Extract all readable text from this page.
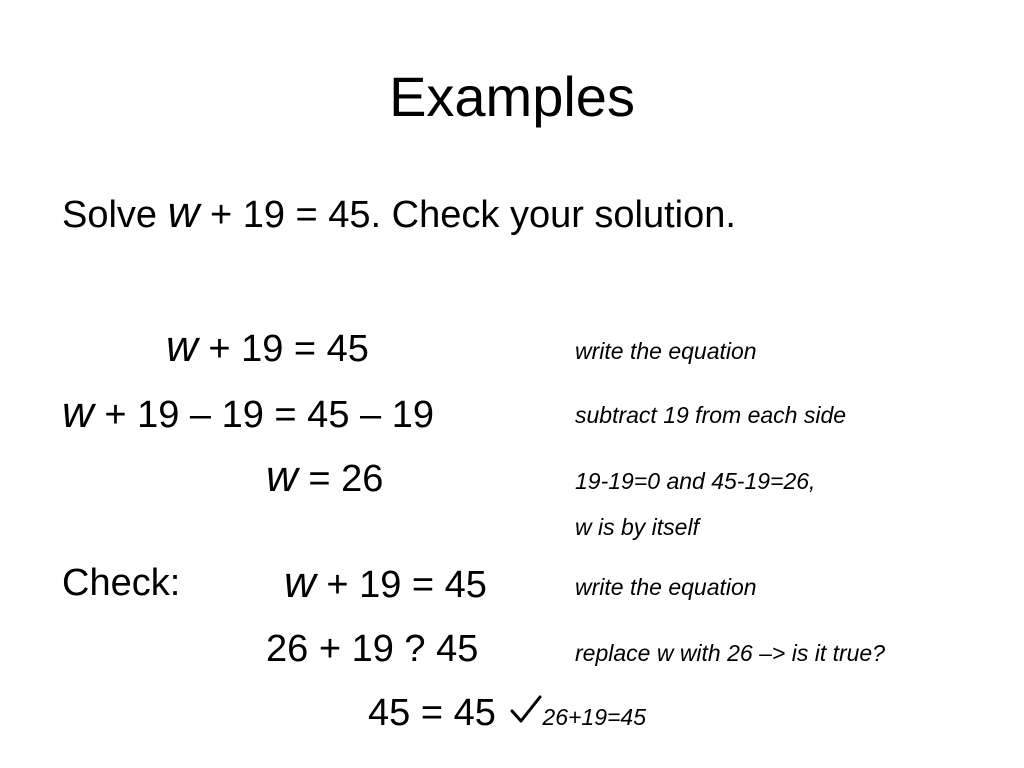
Examples
Solve w + 19 = 45. Check your solution.
w + 19 = 45	write the equation
w + 19 – 19 = 45 – 19	subtract 19 from each side
w = 26	19-19=0 and 45-19=26,
w is by itself
Check: w + 19 = 45	write the equation
26 + 19 ? 45	replace w with 26 –> is it true?
45 = 45 26+19=45
